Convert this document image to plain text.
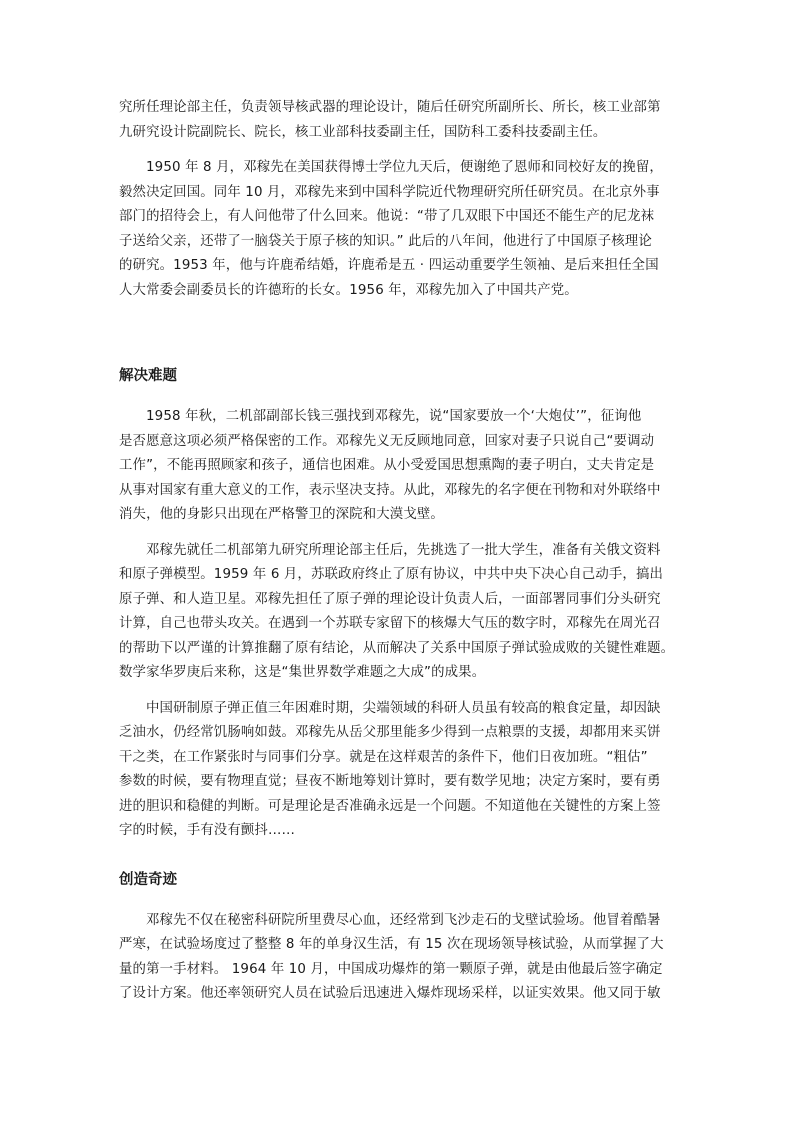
究所任理论部主任，负责领导核武器的理论设计，随后任研究所副所长、所长，核工业部第
九研究设计院副院长、院长，核工业部科技委副主任，国防科工委科技委副主任。
1950 年 8 月，邓稼先在美国获得博士学位九天后，便谢绝了恩师和同校好友的挽留，
毅然决定回国。同年 10 月，邓稼先来到中国科学院近代物理研究所任研究员。在北京外事
部门的招待会上，有人问他带了什么回来。他说：“带了几双眼下中国还不能生产的尼龙袜
子送给父亲，还带了一脑袋关于原子核的知识。” 此后的八年间，他进行了中国原子核理论
的研究。1953 年，他与许鹿希结婚，许鹿希是五 · 四运动重要学生领袖、是后来担任全国
人大常委会副委员长的许德珩的长女。1956 年，邓稼先加入了中国共产党。
解决难题
1958 年秋，二机部副部长钱三强找到邓稼先，说“国家要放一个‘大炮仗’”，征询他
是否愿意这项必须严格保密的工作。邓稼先义无反顾地同意，回家对妻子只说自己“要调动
工作”，不能再照顾家和孩子，通信也困难。从小受爱国思想熏陶的妻子明白，丈夫肯定是
从事对国家有重大意义的工作，表示坚决支持。从此，邓稼先的名字便在刊物和对外联络中
消失，他的身影只出现在严格警卫的深院和大漠戈壁。
邓稼先就任二机部第九研究所理论部主任后，先挑选了一批大学生，准备有关俄文资料
和原子弹模型。1959 年 6 月，苏联政府终止了原有协议，中共中央下决心自己动手，搞出
原子弹、和人造卫星。邓稼先担任了原子弹的理论设计负责人后，一面部署同事们分头研究
计算，自己也带头攻关。在遇到一个苏联专家留下的核爆大气压的数字时，邓稼先在周光召
的帮助下以严谨的计算推翻了原有结论，从而解决了关系中国原子弹试验成败的关键性难题。
数学家华罗庚后来称，这是“集世界数学难题之大成”的成果。
中国研制原子弹正值三年困难时期，尖端领域的科研人员虽有较高的粮食定量，却因缺
乏油水，仍经常饥肠响如鼓。邓稼先从岳父那里能多少得到一点粮票的支援，却都用来买饼
干之类，在工作紧张时与同事们分享。就是在这样艰苦的条件下，他们日夜加班。“粗估”
参数的时候，要有物理直觉；昼夜不断地筹划计算时，要有数学见地；决定方案时，要有勇
进的胆识和稳健的判断。可是理论是否准确永远是一个问题。不知道他在关键性的方案上签
字的时候，手有没有颤抖……
创造奇迹
邓稼先不仅在秘密科研院所里费尽心血，还经常到飞沙走石的戈壁试验场。他冒着酷暑
严寒，在试验场度过了整整 8 年的单身汉生活，有 15 次在现场领导核试验，从而掌握了大
量的第一手材料。 1964 年 10 月，中国成功爆炸的第一颗原子弹，就是由他最后签字确定
了设计方案。他还率领研究人员在试验后迅速进入爆炸现场采样，以证实效果。他又同于敏
